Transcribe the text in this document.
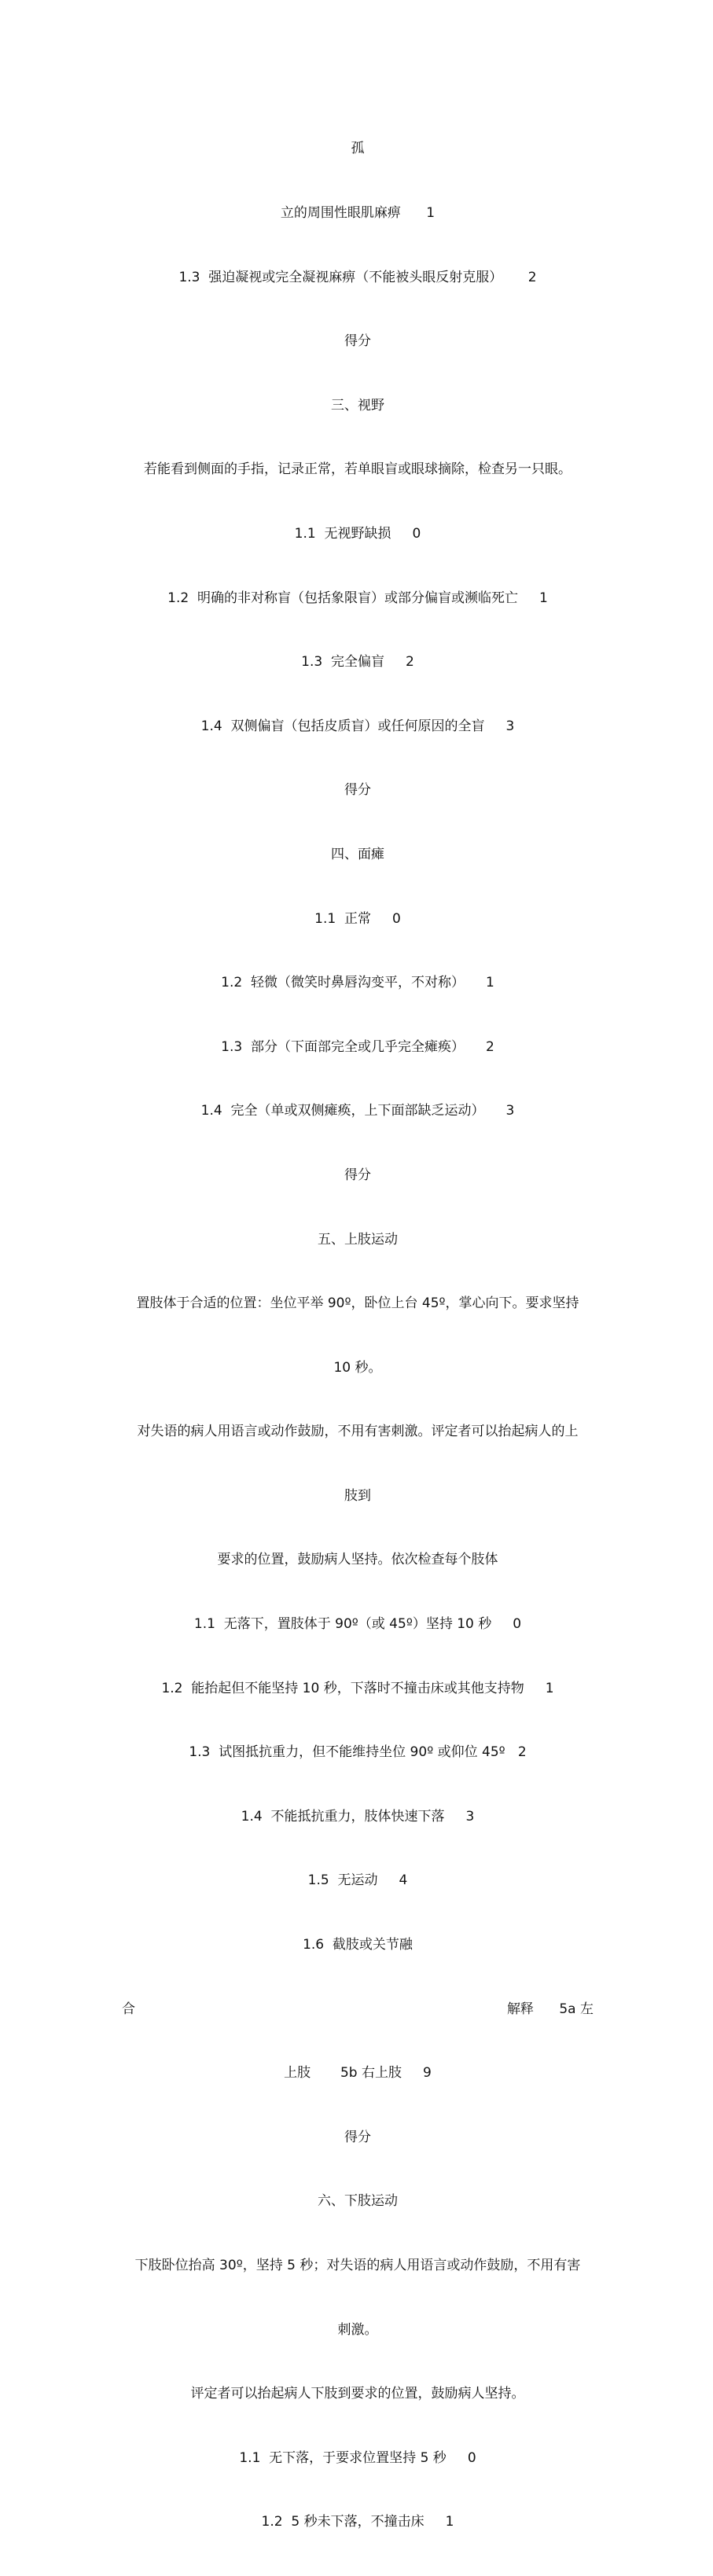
孤

立的周围性眼肌麻痹      1

1.3  强迫凝视或完全凝视麻痹（不能被头眼反射克服）      2

得分

三、视野

若能看到侧面的手指，记录正常，若单眼盲或眼球摘除，检查另一只眼。

1.1  无视野缺损     0

1.2  明确的非对称盲（包括象限盲）或部分偏盲或濒临死亡     1

1.3  完全偏盲     2

1.4  双侧偏盲（包括皮质盲）或任何原因的全盲     3

得分

四、面瘫

1.1  正常     0

1.2  轻微（微笑时鼻唇沟变平，不对称）     1

1.3  部分（下面部完全或几乎完全瘫痪）     2

1.4  完全（单或双侧瘫痪，上下面部缺乏运动）     3

得分

五、上肢运动

置肢体于合适的位置：坐位平举 90º，卧位上台 45º，掌心向下。要求坚持

10 秒。

对失语的病人用语言或动作鼓励，不用有害刺激。评定者可以抬起病人的上

肢到

要求的位置，鼓励病人坚持。依次检查每个肢体

1.1  无落下，置肢体于 90º（或 45º）坚持 10 秒     0

1.2  能抬起但不能坚持 10 秒，下落时不撞击床或其他支持物     1

1.3  试图抵抗重力，但不能维持坐位 90º 或仰位 45º   2

1.4  不能抵抗重力，肢体快速下落     3

1.5  无运动     4

1.6  截肢或关节融

合	解释      5a 左

上肢       5b 右上肢     9

得分

六、下肢运动

下肢卧位抬高 30º，坚持 5 秒；对失语的病人用语言或动作鼓励，不用有害

刺激。

评定者可以抬起病人下肢到要求的位置，鼓励病人坚持。

1.1  无下落，于要求位置坚持 5 秒     0

1.2  5 秒未下落，不撞击床     1
